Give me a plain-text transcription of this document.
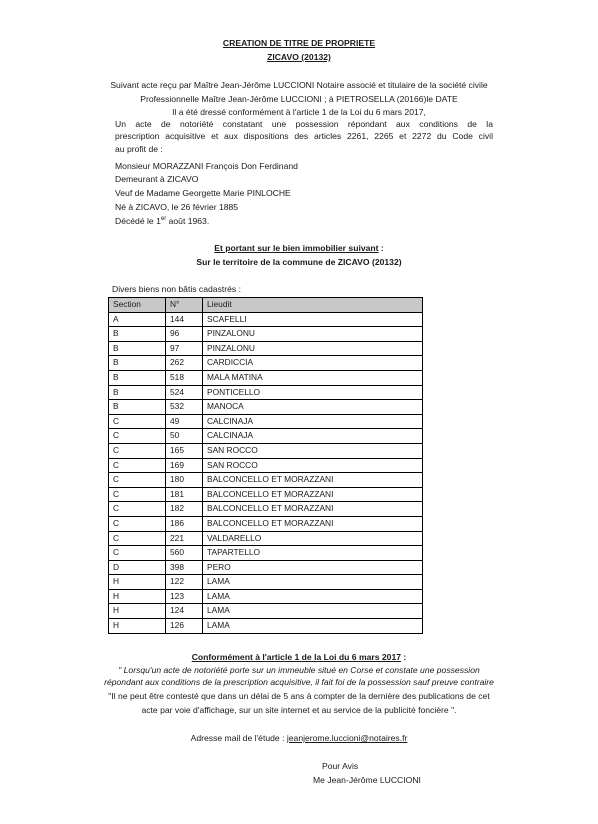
CREATION DE TITRE DE PROPRIETE
ZICAVO (20132)
Suivant acte reçu par Maître Jean-Jérôme LUCCIONI Notaire associé et titulaire de la société civile
Professionnelle Maître Jean-Jérôme LUCCIONI ; à PIETROSELLA (20166)le DATE
Il a été dressé conformément à l'article 1 de la Loi du 6 mars 2017,
Un acte de notoriété constatant une possession répondant aux conditions de la
prescription acquisitive et aux dispositions des articles 2261, 2265 et 2272 du Code civil
au profit de :
Monsieur MORAZZANI François Don Ferdinand
Demeurant à ZICAVO
Veuf de Madame Georgette Marie PINLOCHE
Né à ZICAVO, le 26 février 1885
Décédé le 1er août 1963.
Et portant sur le bien immobilier suivant :
Sur le territoire de la commune de ZICAVO (20132)
Divers biens non bâtis cadastrés :
Section	N°	Lieudit
A	144	SCAFELLI
B	96	PINZALONU
B	97	PINZALONU
B	262	CARDICCIA
B	518	MALA MATINA
B	524	PONTICELLO
B	532	MANOCA
C	49	CALCINAJA
C	50	CALCINAJA
C	165	SAN ROCCO
C	169	SAN ROCCO
C	180	BALCONCELLO ET MORAZZANI
C	181	BALCONCELLO ET MORAZZANI
C	182	BALCONCELLO ET MORAZZANI
C	186	BALCONCELLO ET MORAZZANI
C	221	VALDARELLO
C	560	TAPARTELLO
D	398	PERO
H	122	LAMA
H	123	LAMA
H	124	LAMA
H	126	LAMA
Conformément à l'article 1 de la Loi du 6 mars 2017 :
" Lorsqu'un acte de notoriété porte sur un immeuble situé en Corse et constate une possession
répondant aux conditions de la prescription acquisitive, il fait foi de la possession sauf preuve contraire
"Il ne peut être contesté que dans un délai de 5 ans à compter de la dernière des publications de cet
acte par voie d'affichage, sur un site internet et au service de la publicité foncière ".
Adresse mail de l'étude : jeanjerome.luccioni@notaires.fr
Pour Avis
Me Jean-Jérôme LUCCIONI
